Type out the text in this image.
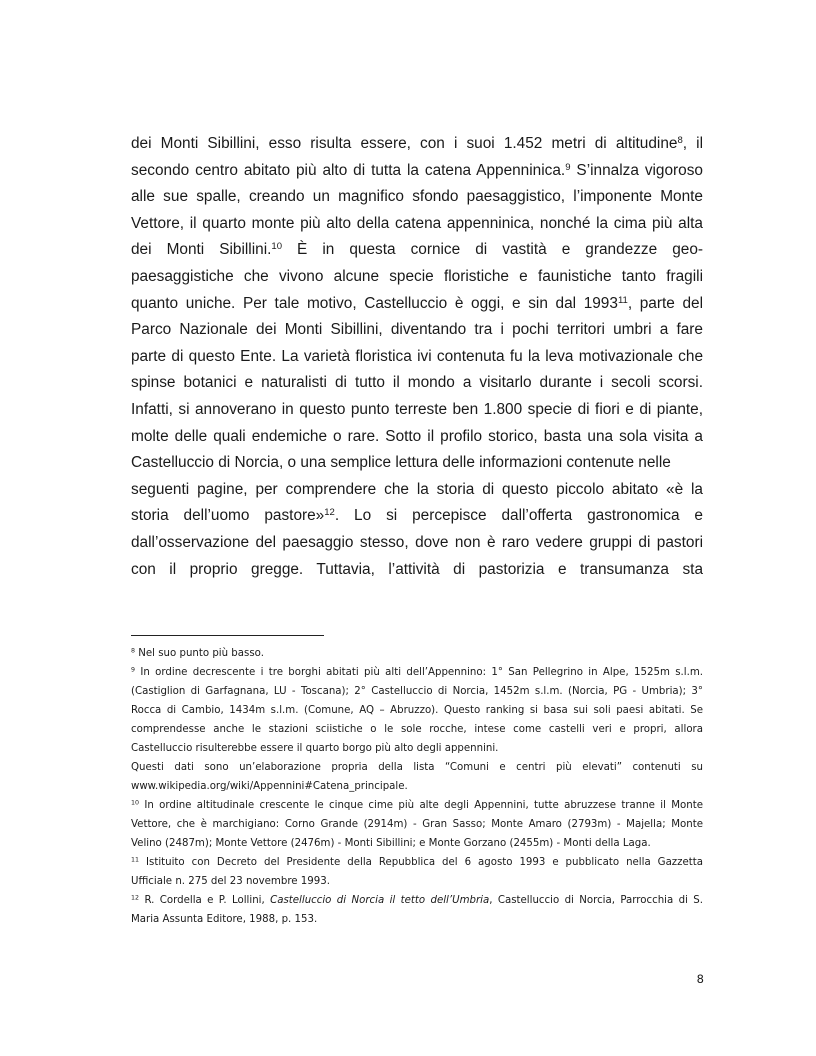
dei Monti Sibillini, esso risulta essere, con i suoi 1.452 metri di altitudine$^8$, il
secondo centro abitato più alto di tutta la catena Appenninica.$^9$ S’innalza vigoroso
alle sue spalle, creando un magnifico sfondo paesaggistico, l’imponente Monte
Vettore, il quarto monte più alto della catena appenninica, nonché la cima più alta
dei Monti Sibillini.$^{10}$ È in questa cornice di vastità e grandezze geo-
paesaggistiche che vivono alcune specie floristiche e faunistiche tanto fragili
quanto uniche. Per tale motivo, Castelluccio è oggi, e sin dal 1993$^{11}$, parte del
Parco Nazionale dei Monti Sibillini, diventando tra i pochi territori umbri a fare
parte di questo Ente. La varietà floristica ivi contenuta fu la leva motivazionale che
spinse botanici e naturalisti di tutto il mondo a visitarlo durante i secoli scorsi.
Infatti, si annoverano in questo punto terreste ben 1.800 specie di fiori e di piante,
molte delle quali endemiche o rare. Sotto il profilo storico, basta una sola visita a
Castelluccio di Norcia, o una semplice lettura delle informazioni contenute nelle
seguenti pagine, per comprendere che la storia di questo piccolo abitato «è la
storia dell’uomo pastore»$^{12}$. Lo si percepisce dall’offerta gastronomica e
dall’osservazione del paesaggio stesso, dove non è raro vedere gruppi di pastori
con il proprio gregge. Tuttavia, l’attività di pastorizia e transumanza sta
$^8$ Nel suo punto più basso.
$^9$ In ordine decrescente i tre borghi abitati più alti dell’Appennino: 1° San Pellegrino in Alpe, 1525m s.l.m.
(Castiglion di Garfagnana, LU - Toscana); 2° Castelluccio di Norcia, 1452m s.l.m. (Norcia, PG - Umbria); 3°
Rocca di Cambio, 1434m s.l.m. (Comune, AQ – Abruzzo). Questo ranking si basa sui soli paesi abitati. Se
comprendesse anche le stazioni sciistiche o le sole rocche, intese come castelli veri e propri, allora
Castelluccio risulterebbe essere il quarto borgo più alto degli appennini.
Questi dati sono un’elaborazione propria della lista “Comuni e centri più elevati” contenuti su
www.wikipedia.org/wiki/Appennini#Catena_principale.
$^{10}$ In ordine altitudinale crescente le cinque cime più alte degli Appennini, tutte abruzzese tranne il Monte
Vettore, che è marchigiano: Corno Grande (2914m) - Gran Sasso; Monte Amaro (2793m) - Majella; Monte
Velino (2487m); Monte Vettore (2476m) - Monti Sibillini; e Monte Gorzano (2455m) - Monti della Laga.
$^{11}$ Istituito con Decreto del Presidente della Repubblica del 6 agosto 1993 e pubblicato nella Gazzetta
Ufficiale n. 275 del 23 novembre 1993.
$^{12}$ R. Cordella e P. Lollini, Castelluccio di Norcia il tetto dell’Umbria, Castelluccio di Norcia, Parrocchia di S.
Maria Assunta Editore, 1988, p. 153.
8
